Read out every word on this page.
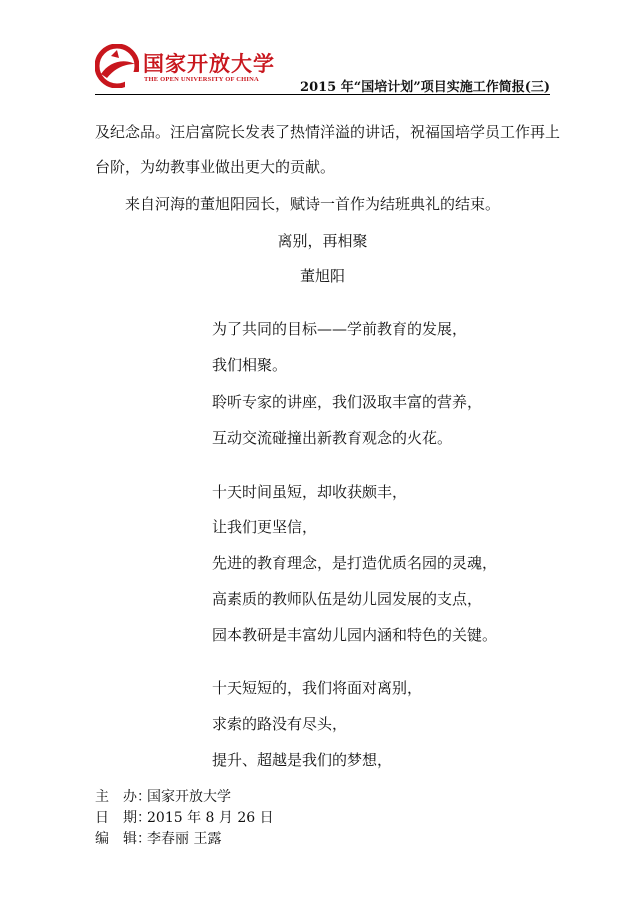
国家开放大学
THE OPEN UNIVERSITY OF CHINA
2015 年“国培计划”项目实施工作简报(三)
及纪念品。汪启富院长发表了热情洋溢的讲话，祝福国培学员工作再上
台阶，为幼教事业做出更大的贡献。
来自河海的董旭阳园长，赋诗一首作为结班典礼的结束。
离别，再相聚
董旭阳
为了共同的目标——学前教育的发展，
我们相聚。
聆听专家的讲座，我们汲取丰富的营养，
互动交流碰撞出新教育观念的火花。
十天时间虽短，却收获颇丰，
让我们更坚信，
先进的教育理念，是打造优质名园的灵魂，
高素质的教师队伍是幼儿园发展的支点，
园本教研是丰富幼儿园内涵和特色的关键。
十天短短的，我们将面对离别，
求索的路没有尽头，
提升、超越是我们的梦想，
主　办：国家开放大学
日　期：2015 年 8 月 26 日
编　辑：李春丽 王露
